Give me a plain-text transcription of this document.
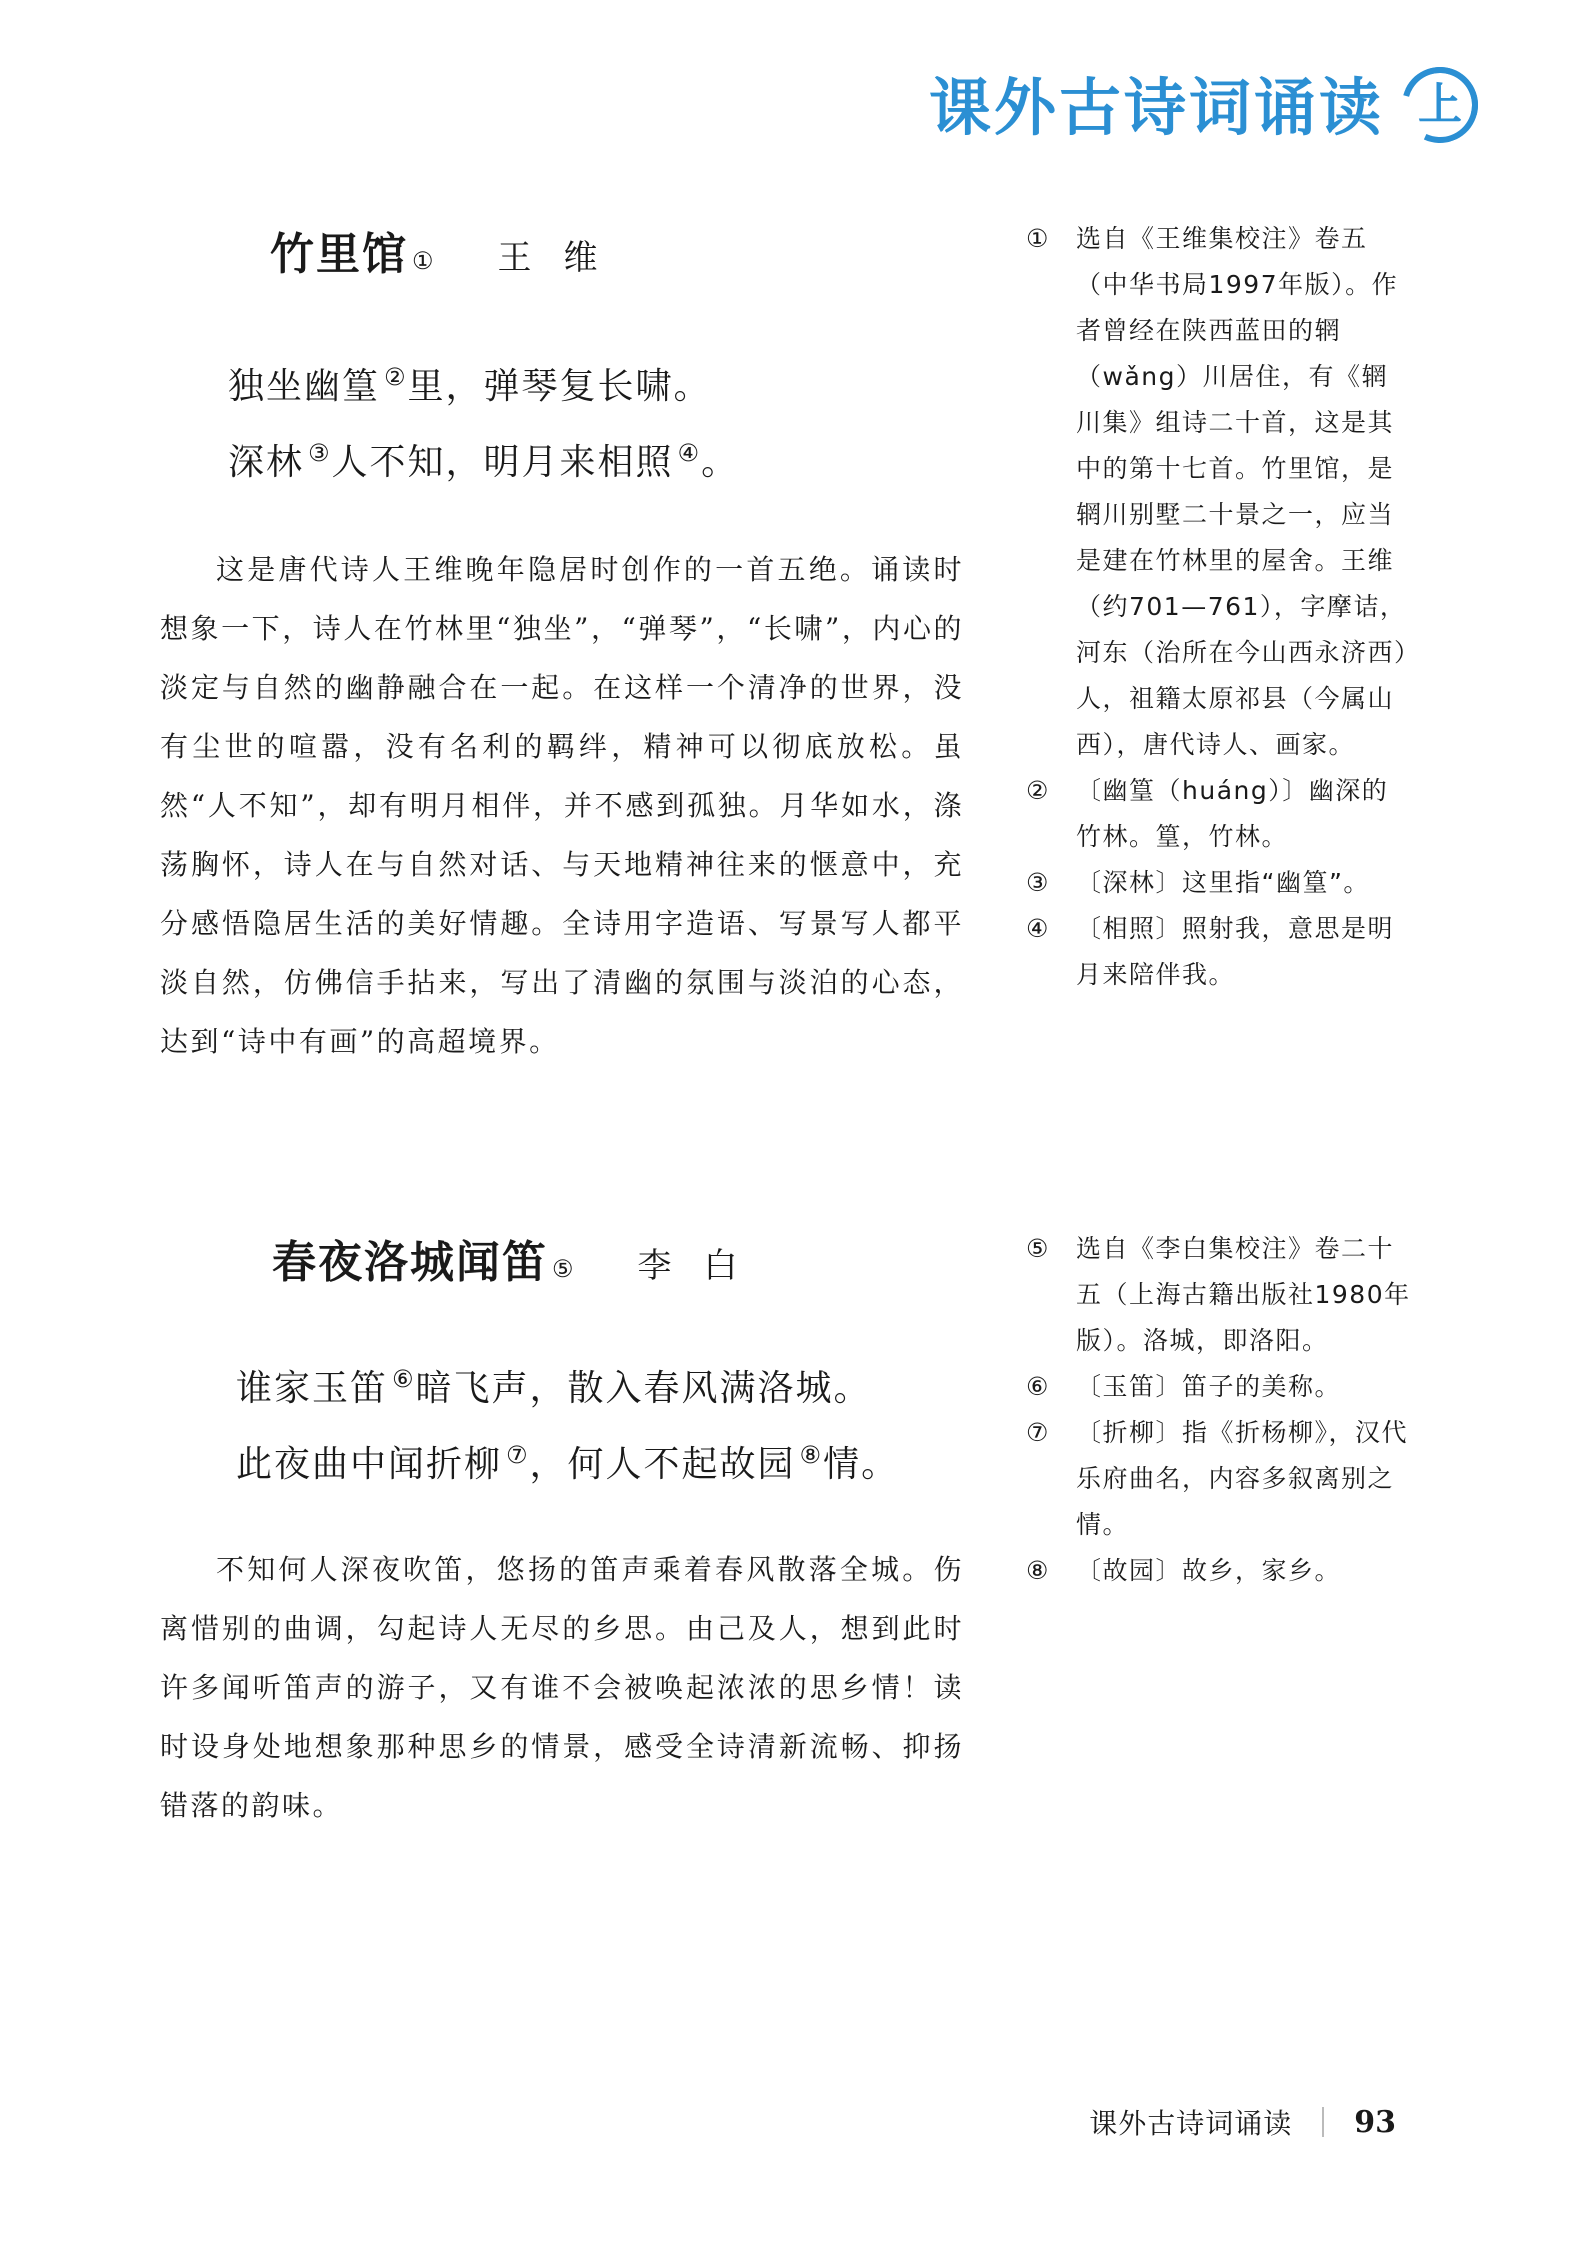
课外古诗词诵读 上
竹里馆 ① 王维
独坐幽篁 ②里，弹琴复长啸。
深林 ③人不知，明月来相照 ④。

这是唐代诗人王维晚年隐居时创作的一首五绝。诵读时想象一下，诗人在竹林里“独坐”，“弹琴”，“长啸”，内心的淡定与自然的幽静融合在一起。在这样一个清净的世界，没有尘世的喧嚣，没有名利的羁绊，精神可以彻底放松。虽然“人不知”，却有明月相伴，并不感到孤独。月华如水，涤荡胸怀，诗人在与自然对话、与天地精神往来的惬意中，充分感悟隐居生活的美好情趣。全诗用字造语、写景写人都平淡自然，仿佛信手拈来，写出了清幽的氛围与淡泊的心态，达到“诗中有画”的高超境界。

① 选自《王维集校注》卷五（中华书局1997年版）。作者曾经在陕西蓝田的辋（wǎng）川居住，有《辋川集》组诗二十首，这是其中的第十七首。竹里馆，是辋川别墅二十景之一，应当是建在竹林里的屋舍。王维（约701—761），字摩诘，河东（治所在今山西永济西）人，祖籍太原祁县（今属山西），唐代诗人、画家。

② 〔幽篁（huáng）〕幽深的竹林。篁，竹林。

③ 〔深林〕这里指“幽篁”。

④ 〔相照〕照射我，意思是明月来陪伴我。

春夜洛城闻笛 ⑤ 李白
谁家玉笛 ⑥暗飞声，散入春风满洛城。
此夜曲中闻折柳 ⑦，何人不起故园 ⑧情。

不知何人深夜吹笛，悠扬的笛声乘着春风散落全城。伤离惜别的曲调，勾起诗人无尽的乡思。由己及人，想到此时许多闻听笛声的游子，又有谁不会被唤起浓浓的思乡情！读时设身处地想象那种思乡的情景，感受全诗清新流畅、抑扬错落的韵味。

⑤ 选自《李白集校注》卷二十五（上海古籍出版社1980年版）。洛城，即洛阳。

⑥ 〔玉笛〕笛子的美称。

⑦ 〔折柳〕指《折杨柳》，汉代乐府曲名，内容多叙离别之情。

⑧ 〔故园〕故乡，家乡。

课外古诗词诵读 93
